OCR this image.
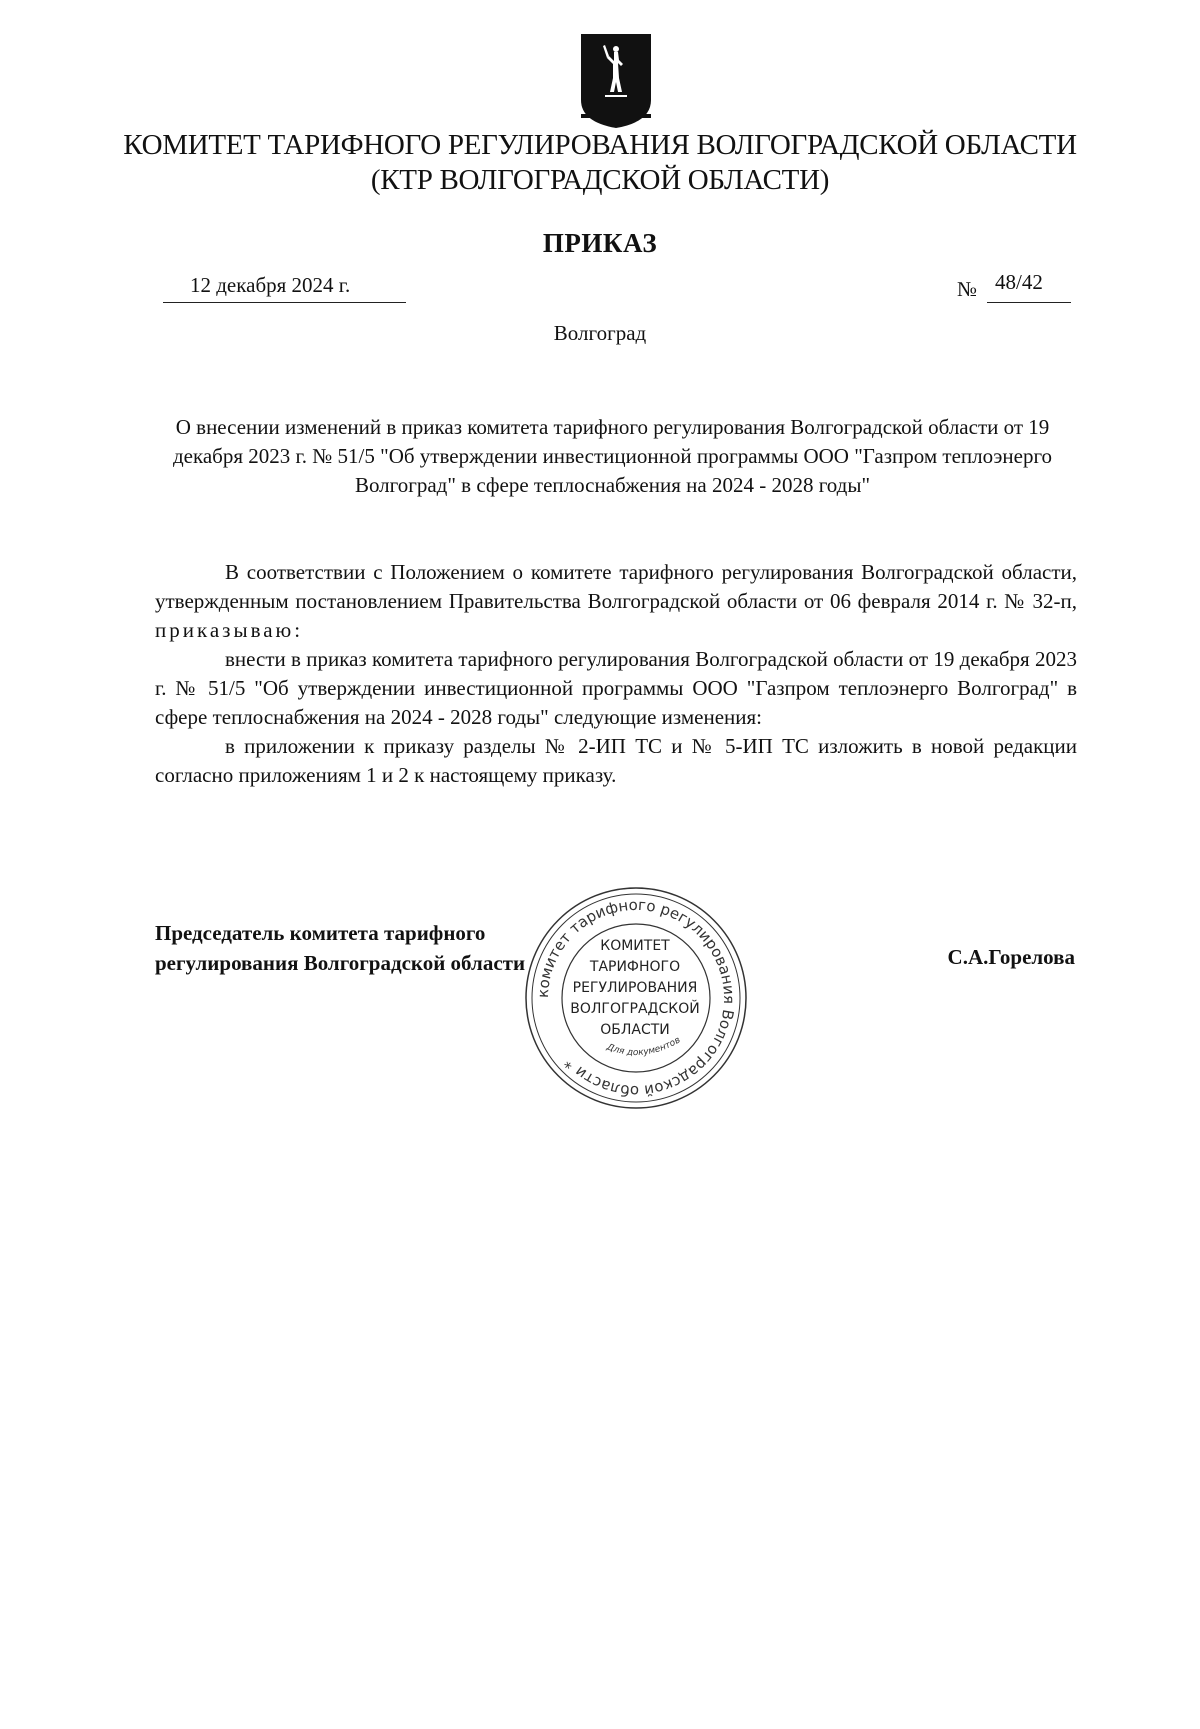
КОМИТЕТ ТАРИФНОГО РЕГУЛИРОВАНИЯ ВОЛГОГРАДСКОЙ ОБЛАСТИ
(КТР ВОЛГОГРАДСКОЙ ОБЛАСТИ)
ПРИКАЗ
12 декабря 2024 г.	№ 48/42
Волгоград
О внесении изменений в приказ комитета тарифного регулирования Волгоградской области от 19 декабря 2023 г. № 51/5 "Об утверждении инвестиционной программы ООО "Газпром теплоэнерго Волгоград" в сфере теплоснабжения на 2024 - 2028 годы"

В соответствии с Положением о комитете тарифного регулирования Волгоградской области, утвержденным постановлением Правительства Волгоградской области от 06 февраля 2014 г. № 32-п, приказываю:

внести в приказ комитета тарифного регулирования Волгоградской области от 19 декабря 2023 г. № 51/5 "Об утверждении инвестиционной программы ООО "Газпром теплоэнерго Волгоград" в сфере теплоснабжения на 2024 - 2028 годы" следующие изменения:

в приложении к приказу разделы № 2-ИП ТС и № 5-ИП ТС изложить в новой редакции согласно приложениям 1 и 2 к настоящему приказу.

Председатель комитета тарифного
регулирования Волгоградской области	С.А.Горелова
комитет тарифного регулирования Волгоградской области *
Для документов
КОМИТЕТ
ТАРИФНОГО
РЕГУЛИРОВАНИЯ
ВОЛГОГРАДСКОЙ
ОБЛАСТИ
